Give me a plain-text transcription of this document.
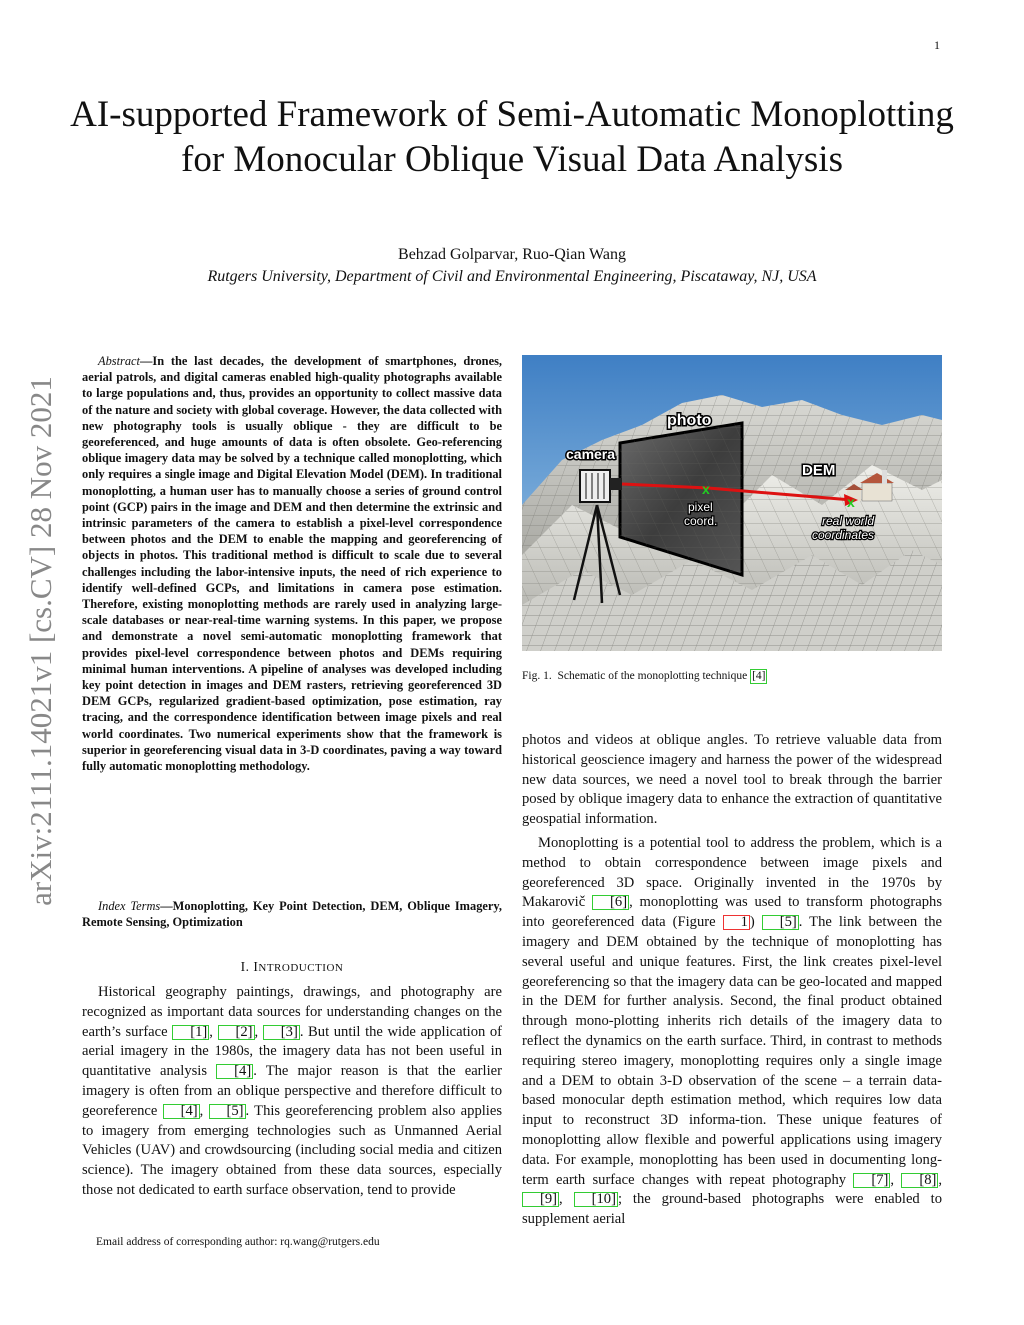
1
AI-supported Framework of Semi-Automatic Monoplotting for Monocular Oblique Visual Data Analysis
Behzad Golparvar, Ruo-Qian Wang
Rutgers University, Department of Civil and Environmental Engineering, Piscataway, NJ, USA
arXiv:2111.14021v1 [cs.CV] 28 Nov 2021

Abstract—In the last decades, the development of smartphones, drones, aerial patrols, and digital cameras enabled high-quality photographs available to large populations and, thus, provides an opportunity to collect massive data of the nature and society with global coverage. However, the data collected with new photography tools is usually oblique - they are difficult to be georeferenced, and huge amounts of data is often obsolete. Geo-referencing oblique imagery data may be solved by a technique called monoplotting, which only requires a single image and Digital Elevation Model (DEM). In traditional monoplotting, a human user has to manually choose a series of ground control point (GCP) pairs in the image and DEM and then determine the extrinsic and intrinsic parameters of the camera to establish a pixel-level correspondence between photos and the DEM to enable the mapping and georeferencing of objects in photos. This traditional method is difficult to scale due to several challenges including the labor-intensive inputs, the need of rich experience to identify well-defined GCPs, and limitations in camera pose estimation. Therefore, existing monoplotting methods are rarely used in analyzing large-scale databases or near-real-time warning systems. In this paper, we propose and demonstrate a novel semi-automatic monoplotting framework that provides pixel-level correspondence between photos and DEMs requiring minimal human interventions. A pipeline of analyses was developed including key point detection in images and DEM rasters, retrieving georeferenced 3D DEM GCPs, regularized gradient-based optimization, pose estimation, ray tracing, and the correspondence identification between image pixels and real world coordinates. Two numerical experiments show that the framework is superior in georeferencing visual data in 3-D coordinates, paving a way toward fully automatic monoplotting methodology.

Index Terms—Monoplotting, Key Point Detection, DEM, Oblique Imagery, Remote Sensing, Optimization

I. INTRODUCTION

Historical geography paintings, drawings, and photography are recognized as important data sources for understanding changes on the earth’s surface [1] , [2] , [3] . But until the wide application of aerial imagery in the 1980s, the imagery data has not been useful in quantitative analysis [4] . The major reason is that the earlier imagery is often from an oblique perspective and therefore difficult to georeference [4] , [5] . This georeferencing problem also applies to imagery from emerging technologies such as Unmanned Aerial Vehicles (UAV) and crowdsourcing (including social media and citizen science). The imagery obtained from these data sources, especially those not dedicated to earth surface observation, tend to provide

Email address of corresponding author: rq.wang@rutgers.edu
x
x
photo
camera
DEM
pixel
coord.	real world
coordinates
Fig. 1. Schematic of the monoplotting technique [4]

photos and videos at oblique angles. To retrieve valuable data from historical geoscience imagery and harness the power of the widespread new data sources, we need a novel tool to break through the barrier posed by oblique imagery data to enhance the extraction of quantitative geospatial information.

Monoplotting is a potential tool to address the problem, which is a method to obtain correspondence between image pixels and georeferenced 3D space. Originally invented in the 1970s by Makarovič [6] , monoplotting was used to transform photographs into georeferenced data (Figure 1 ) [5] . The link between the imagery and DEM obtained by the technique of monoplotting has several useful and unique features. First, the link creates pixel-level georeferencing so that the imagery data can be geo-located and mapped in the DEM for further analysis. Second, the final product obtained through mono-plotting inherits rich details of the imagery data to reflect the dynamics on the earth surface. Third, in contrast to methods requiring stereo imagery, monoplotting requires only a single image and a DEM to obtain 3-D observation of the scene – a terrain data-based monocular depth estimation method, which requires low data input to reconstruct 3D informa-tion. These unique features of monoplotting allow flexible and powerful applications using imagery data. For example, monoplotting has been used in documenting long-term earth surface changes with repeat photography [7] , [8] , [9] , [10] ; the ground-based photographs were enabled to supplement aerial
